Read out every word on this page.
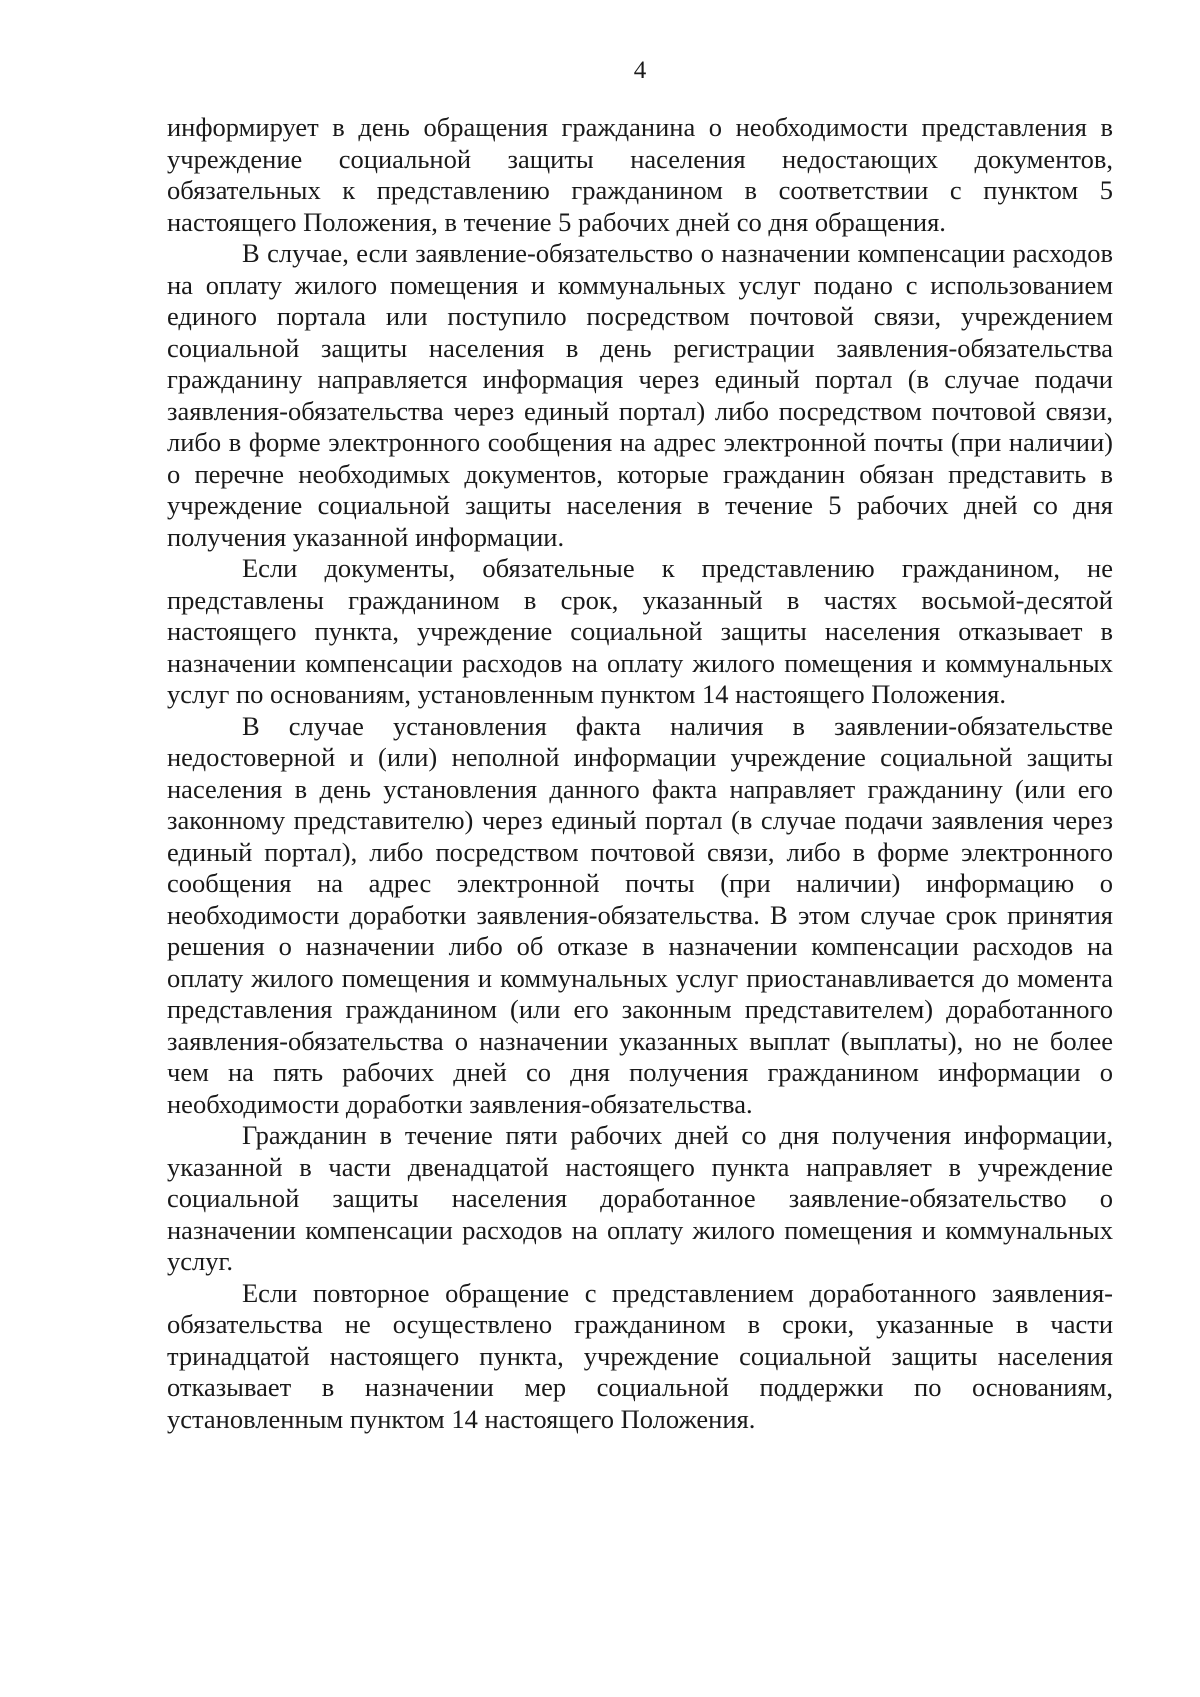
4

информирует в день обращения гражданина о необходимости представления в учреждение социальной защиты населения недостающих документов, обязательных к представлению гражданином в соответствии с пунктом 5 настоящего Положения, в течение 5 рабочих дней со дня обращения.

В случае, если заявление-обязательство о назначении компенсации расходов на оплату жилого помещения и коммунальных услуг подано с использованием единого портала или поступило посредством почтовой связи, учреждением социальной защиты населения в день регистрации заявления-обязательства гражданину направляется информация через единый портал (в случае подачи заявления-обязательства через единый портал) либо посредством почтовой связи, либо в форме электронного сообщения на адрес электронной почты (при наличии) о перечне необходимых документов, которые гражданин обязан представить в учреждение социальной защиты населения в течение 5 рабочих дней со дня получения указанной информации.

Если документы, обязательные к представлению гражданином, не представлены гражданином в срок, указанный в частях восьмой-десятой настоящего пункта, учреждение социальной защиты населения отказывает в назначении компенсации расходов на оплату жилого помещения и коммунальных услуг по основаниям, установленным пунктом 14 настоящего Положения.

В случае установления факта наличия в заявлении-обязательстве недостоверной и (или) неполной информации учреждение социальной защиты населения в день установления данного факта направляет гражданину (или его законному представителю) через единый портал (в случае подачи заявления через единый портал), либо посредством почтовой связи, либо в форме электронного сообщения на адрес электронной почты (при наличии) информацию о необходимости доработки заявления-обязательства. В этом случае срок принятия решения о назначении либо об отказе в назначении компенсации расходов на оплату жилого помещения и коммунальных услуг приостанавливается до момента представления гражданином (или его законным представителем) доработанного заявления-обязательства о назначении указанных выплат (выплаты), но не более чем на пять рабочих дней со дня получения гражданином информации о необходимости доработки заявления-обязательства.

Гражданин в течение пяти рабочих дней со дня получения информации, указанной в части двенадцатой настоящего пункта направляет в учреждение социальной защиты населения доработанное заявление-обязательство о назначении компенсации расходов на оплату жилого помещения и коммунальных услуг.

Если повторное обращение с представлением доработанного заявления-обязательства не осуществлено гражданином в сроки, указанные в части тринадцатой настоящего пункта, учреждение социальной защиты населения отказывает в назначении мер социальной поддержки по основаниям, установленным пунктом 14 настоящего Положения.
